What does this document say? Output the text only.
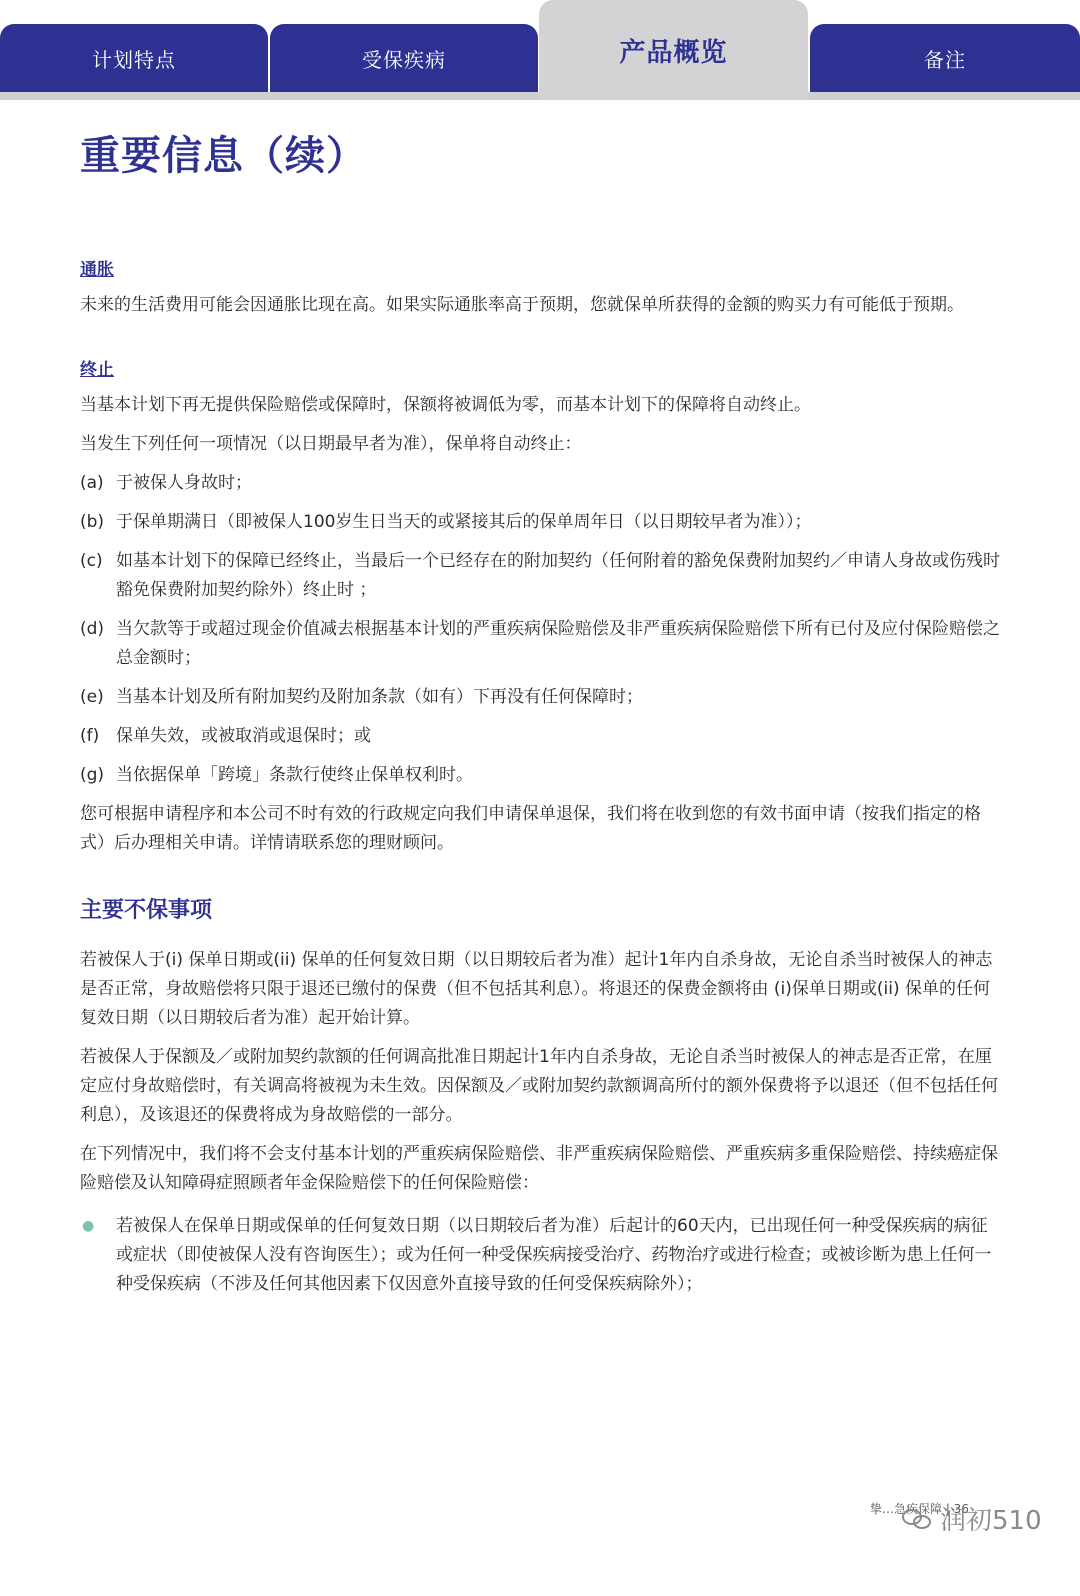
计划特点	受保疾病	产品概览	备注
重要信息（续）
通胀

未来的生活费用可能会因通胀比现在高。如果实际通胀率高于预期，您就保单所获得的金额的购买力有可能低于预期。

终止

当基本计划下再无提供保险赔偿或保障时，保额将被调低为零，而基本计划下的保障将自动终止。

当发生下列任何一项情况（以日期最早者为准），保单将自动终止：

(a) 于被保人身故时；
(b) 于保单期满日（即被保人100岁生日当天的或紧接其后的保单周年日（以日期较早者为准））；
(c) 如基本计划下的保障已经终止，当最后一个已经存在的附加契约（任何附着的豁免保费附加契约／申请人身故或伤残时豁免保费附加契约除外）终止时 ；
(d) 当欠款等于或超过现金价值减去根据基本计划的严重疾病保险赔偿及非严重疾病保险赔偿下所有已付及应付保险赔偿之总金额时；
(e) 当基本计划及所有附加契约及附加条款（如有）下再没有任何保障时；
(f) 保单失效，或被取消或退保时；或
(g) 当依据保单「跨境」条款行使终止保单权利时。

您可根据申请程序和本公司不时有效的行政规定向我们申请保单退保，我们将在收到您的有效书面申请（按我们指定的格式）后办理相关申请。详情请联系您的理财顾问。

主要不保事项

若被保人于(i) 保单日期或(ii) 保单的任何复效日期（以日期较后者为准）起计1年内自杀身故，无论自杀当时被保人的神志是否正常，身故赔偿将只限于退还已缴付的保费（但不包括其利息）。将退还的保费金额将由 (i)保单日期或(ii) 保单的任何复效日期（以日期较后者为准）起开始计算。

若被保人于保额及／或附加契约款额的任何调高批准日期起计1年内自杀身故，无论自杀当时被保人的神志是否正常，在厘定应付身故赔偿时，有关调高将被视为未生效。因保额及／或附加契约款额调高所付的额外保费将予以退还（但不包括任何利息），及该退还的保费将成为身故赔偿的一部分。

在下列情况中，我们将不会支付基本计划的严重疾病保险赔偿、非严重疾病保险赔偿、严重疾病多重保险赔偿、持续癌症保险赔偿及认知障碍症照顾者年金保险赔偿下的任何保险赔偿：

●	若被保人在保单日期或保单的任何复效日期（以日期较后者为准）后起计的60天内，已出现任何一种受保疾病的病征或症状（即使被保人没有咨询医生）；或为任何一种受保疾病接受治疗、药物治疗或进行检查；或被诊断为患上任何一种受保疾病（不涉及任何其他因素下仅因意外直接导致的任何受保疾病除外）；
挚…急疾保障 | 36
润初510
